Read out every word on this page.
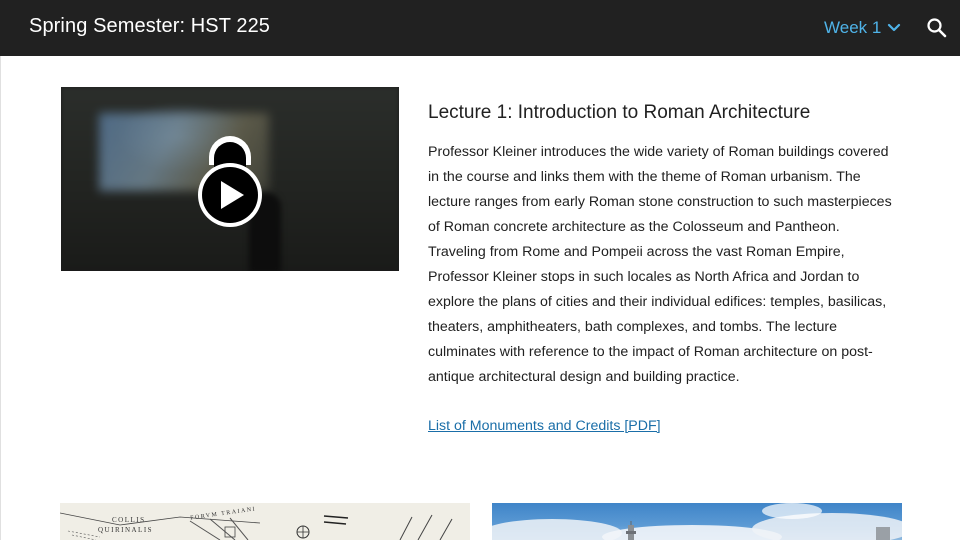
Spring Semester: HST 225	Week 1
Lecture 1: Introduction to Roman Architecture
Professor Kleiner introduces the wide variety of Roman buildings covered in the course and links them with the theme of Roman urbanism. The lecture ranges from early Roman stone construction to such masterpieces of Roman concrete architecture as the Colosseum and Pantheon. Traveling from Rome and Pompeii across the vast Roman Empire, Professor Kleiner stops in such locales as North Africa and Jordan to explore the plans of cities and their individual edifices: temples, basilicas, theaters, amphitheaters, bath complexes, and tombs. The lecture culminates with reference to the impact of Roman architecture on post-antique architectural design and building practice.
List of Monuments and Credits [PDF]
COLLIS
QUIRINALIS
FORVM TRAIANI
